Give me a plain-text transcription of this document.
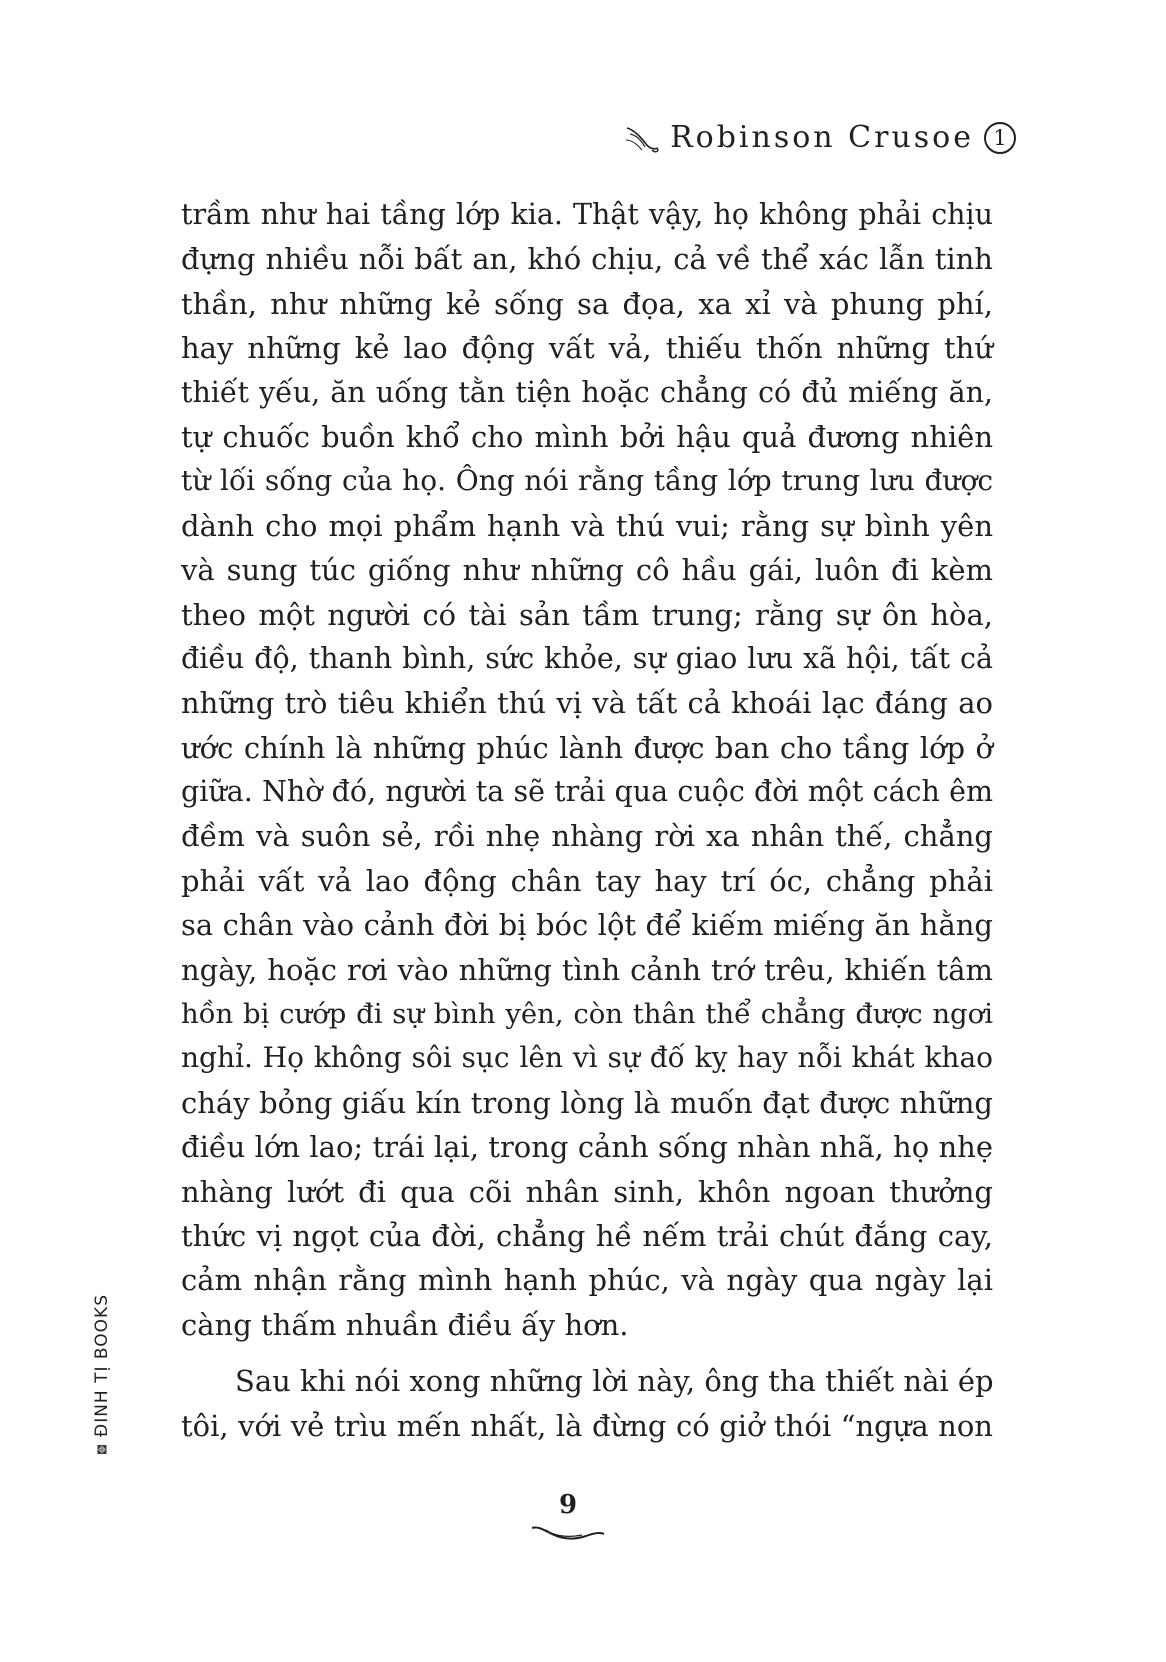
Robinson Crusoe 1
trầm như hai tầng lớp kia. Thật vậy, họ không phải chịu
đựng nhiều nỗi bất an, khó chịu, cả về thể xác lẫn tinh
thần, như những kẻ sống sa đọa, xa xỉ và phung phí,
hay những kẻ lao động vất vả, thiếu thốn những thứ
thiết yếu, ăn uống tằn tiện hoặc chẳng có đủ miếng ăn,
tự chuốc buồn khổ cho mình bởi hậu quả đương nhiên
từ lối sống của họ. Ông nói rằng tầng lớp trung lưu được
dành cho mọi phẩm hạnh và thú vui; rằng sự bình yên
và sung túc giống như những cô hầu gái, luôn đi kèm
theo một người có tài sản tầm trung; rằng sự ôn hòa,
điều độ, thanh bình, sức khỏe, sự giao lưu xã hội, tất cả
những trò tiêu khiển thú vị và tất cả khoái lạc đáng ao
ước chính là những phúc lành được ban cho tầng lớp ở
giữa. Nhờ đó, người ta sẽ trải qua cuộc đời một cách êm
đềm và suôn sẻ, rồi nhẹ nhàng rời xa nhân thế, chẳng
phải vất vả lao động chân tay hay trí óc, chẳng phải
sa chân vào cảnh đời bị bóc lột để kiếm miếng ăn hằng
ngày, hoặc rơi vào những tình cảnh trớ trêu, khiến tâm
hồn bị cướp đi sự bình yên, còn thân thể chẳng được ngơi
nghỉ. Họ không sôi sục lên vì sự đố kỵ hay nỗi khát khao
cháy bỏng giấu kín trong lòng là muốn đạt được những
điều lớn lao; trái lại, trong cảnh sống nhàn nhã, họ nhẹ
nhàng lướt đi qua cõi nhân sinh, khôn ngoan thưởng
thức vị ngọt của đời, chẳng hề nếm trải chút đắng cay,
cảm nhận rằng mình hạnh phúc, và ngày qua ngày lại
càng thấm nhuần điều ấy hơn.
Sau khi nói xong những lời này, ông tha thiết nài ép
tôi, với vẻ trìu mến nhất, là đừng có giở thói “ngựa non
ĐINH TỊ BOOKS
9
